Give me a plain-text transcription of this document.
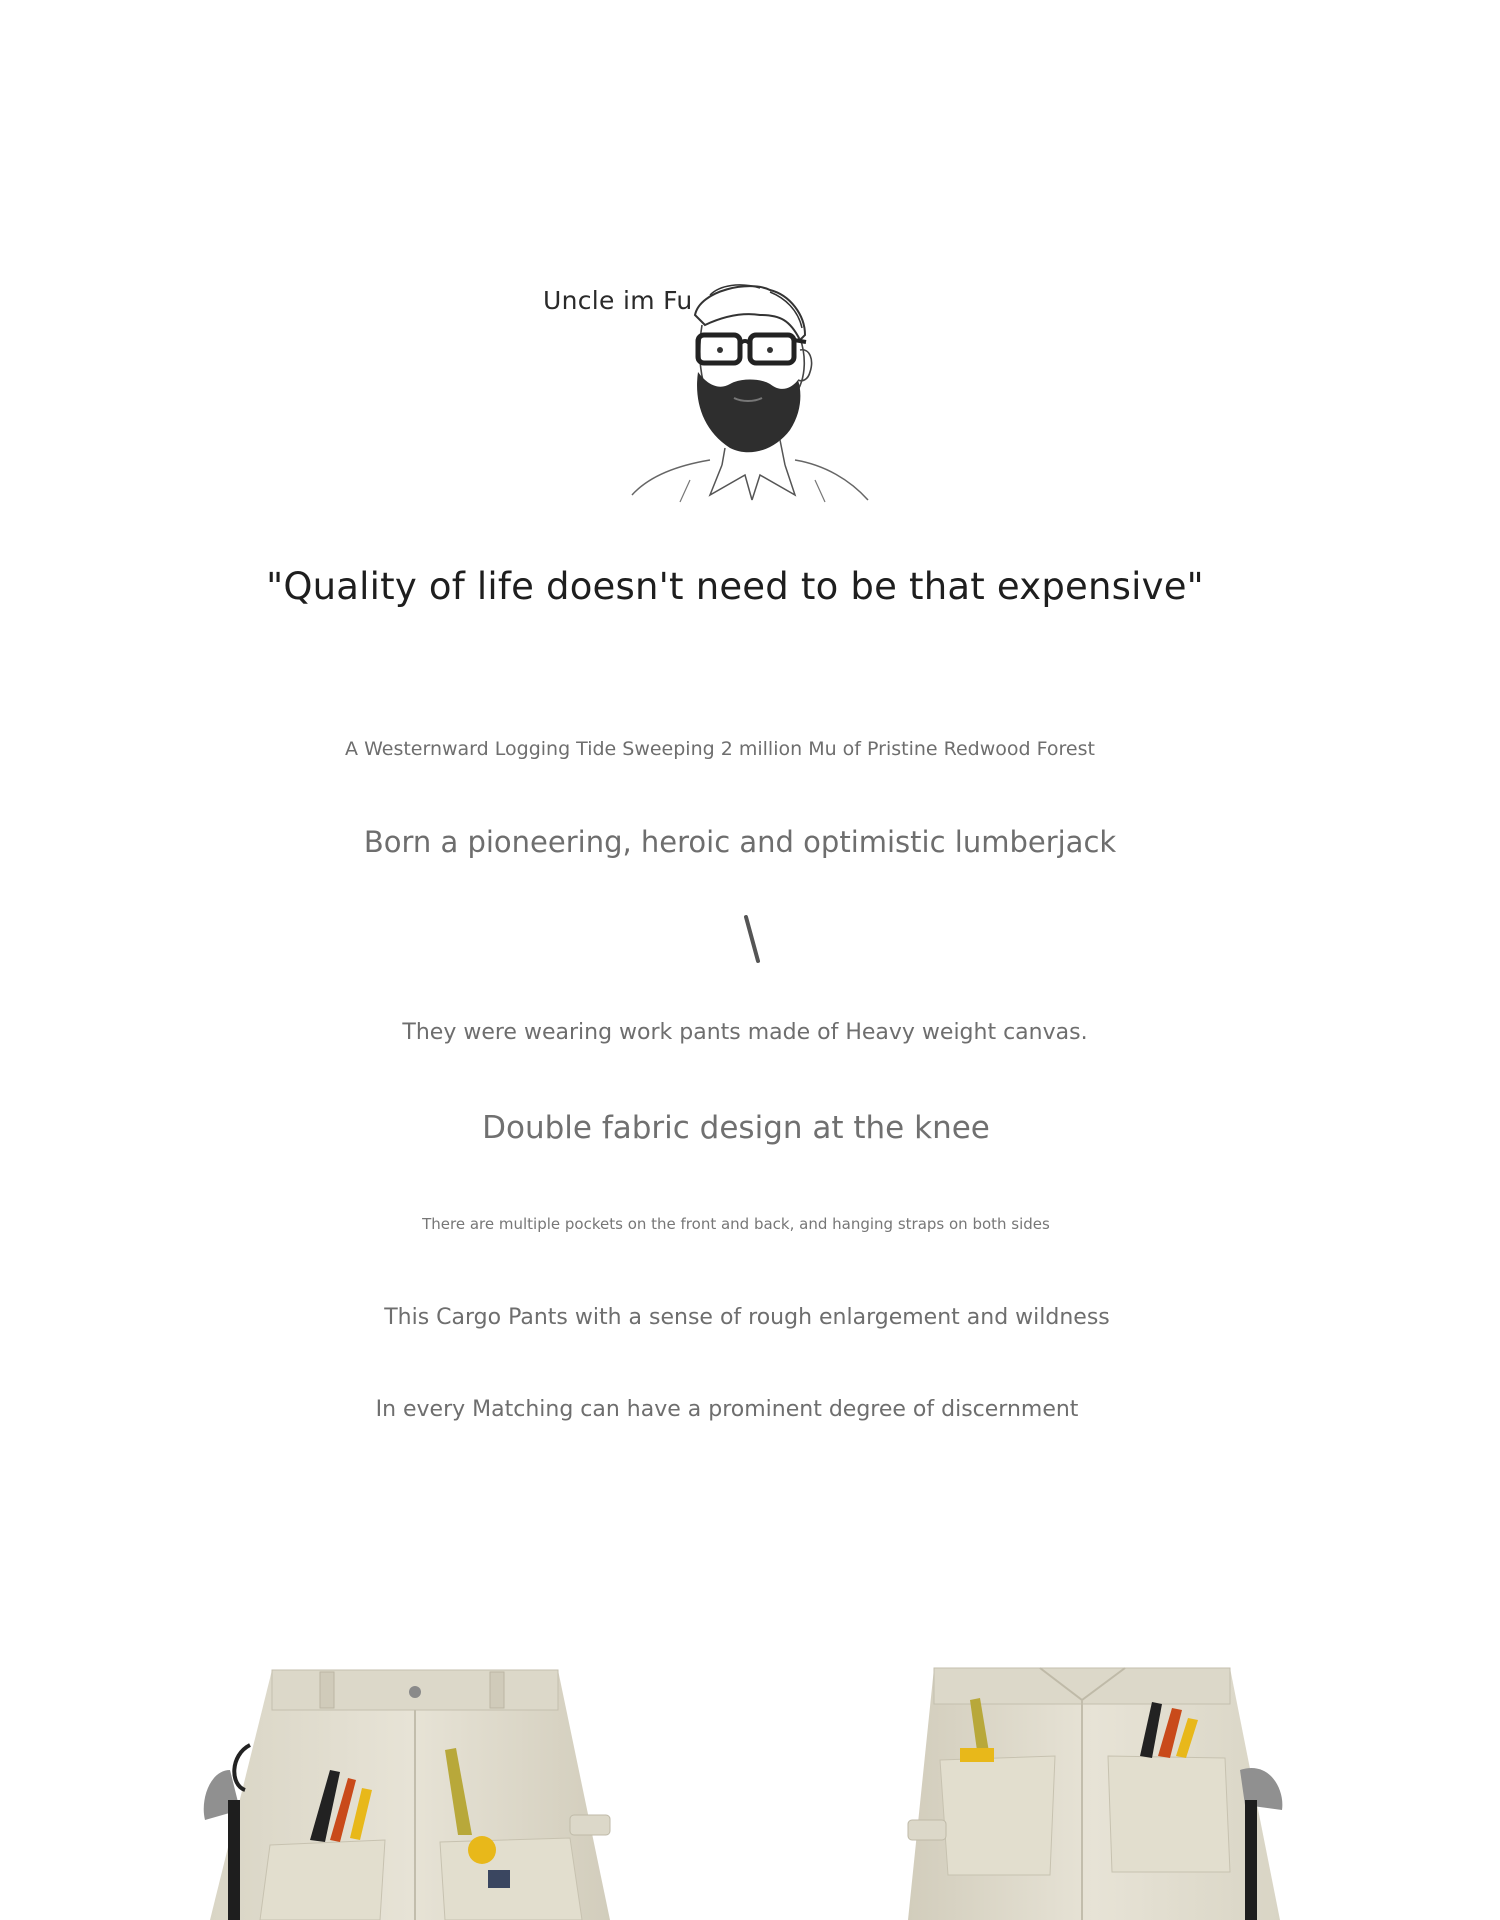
Uncle im Fu
"Quality of life doesn't need to be that expensive"
A Westernward Logging Tide Sweeping 2 million Mu of Pristine Redwood Forest
Born a pioneering, heroic and optimistic lumberjack
They were wearing work pants made of Heavy weight canvas.
Double fabric design at the knee
There are multiple pockets on the front and back, and hanging straps on both sides
This Cargo Pants with a sense of rough enlargement and wildness
In every Matching can have a prominent degree of discernment
